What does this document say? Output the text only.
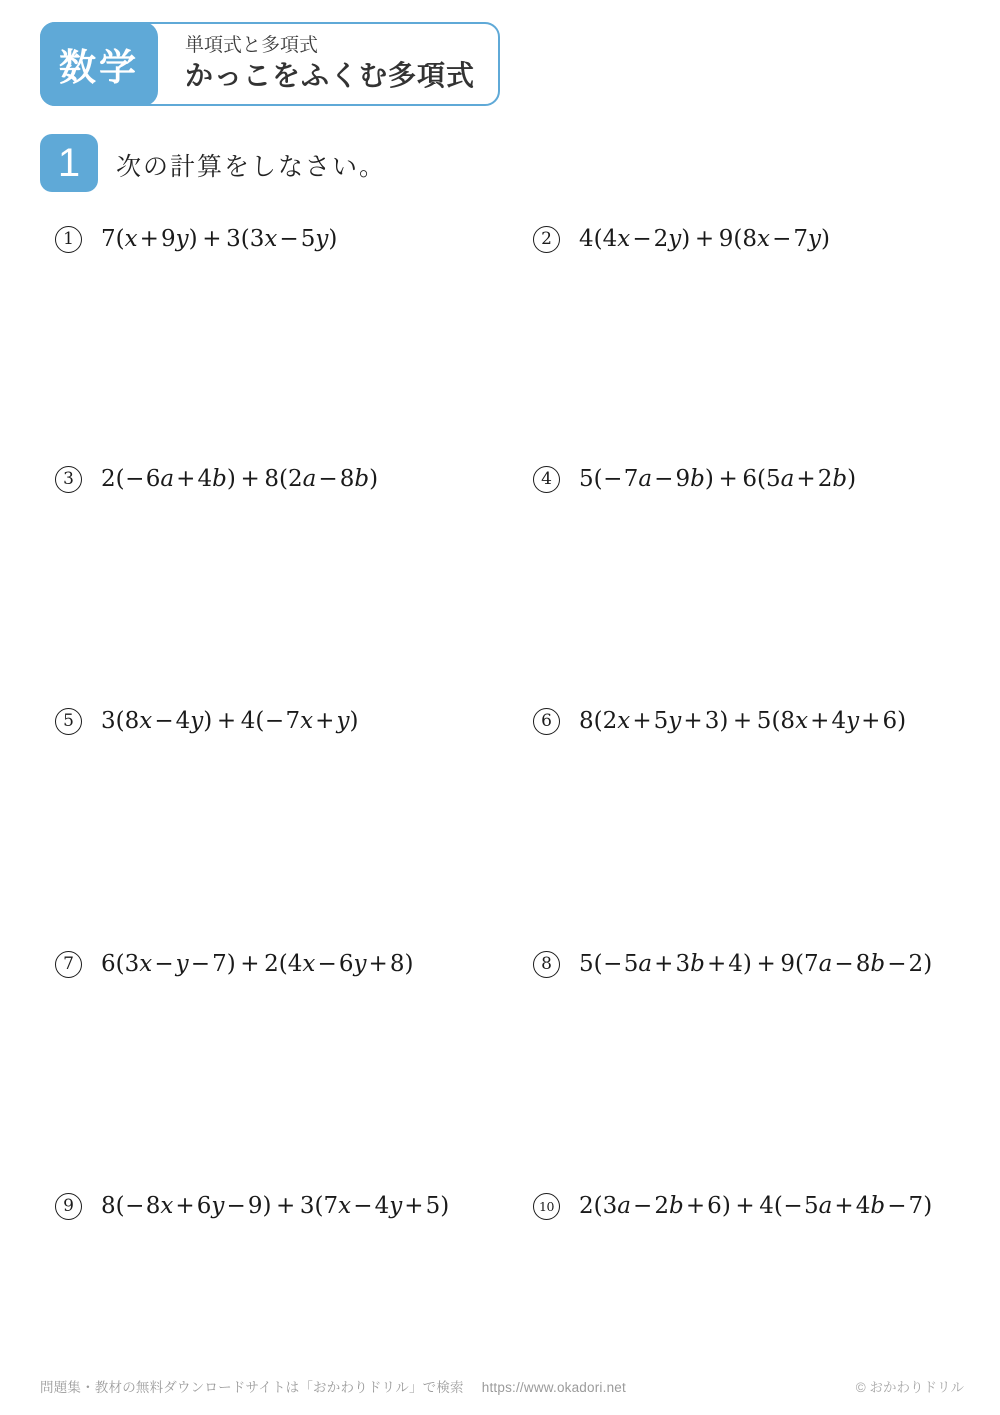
数学
単項式と多項式
かっこをふくむ多項式
1	次の計算をしなさい。
1	7(x+9y) + 3(3x−5y)	2	4(4x−2y) + 9(8x−7y)
3	2(−6a+4b) + 8(2a−8b)	4	5(−7a−9b) + 6(5a+2b)
5	3(8x−4y) + 4(−7x+y)	6	8(2x+5y+3) + 5(8x+4y+6)
7	6(3x−y−7) + 2(4x−6y+8)	8	5(−5a+3b+4) + 9(7a−8b−2)
9	8(−8x+6y−9) + 3(7x−4y+5)	10 2(3a−2b+6) + 4(−5a+4b−7)
問題集・教材の無料ダウンロードサイトは「おかわりドリル」で検索 https://www.okadori.net	© おかわりドリル
